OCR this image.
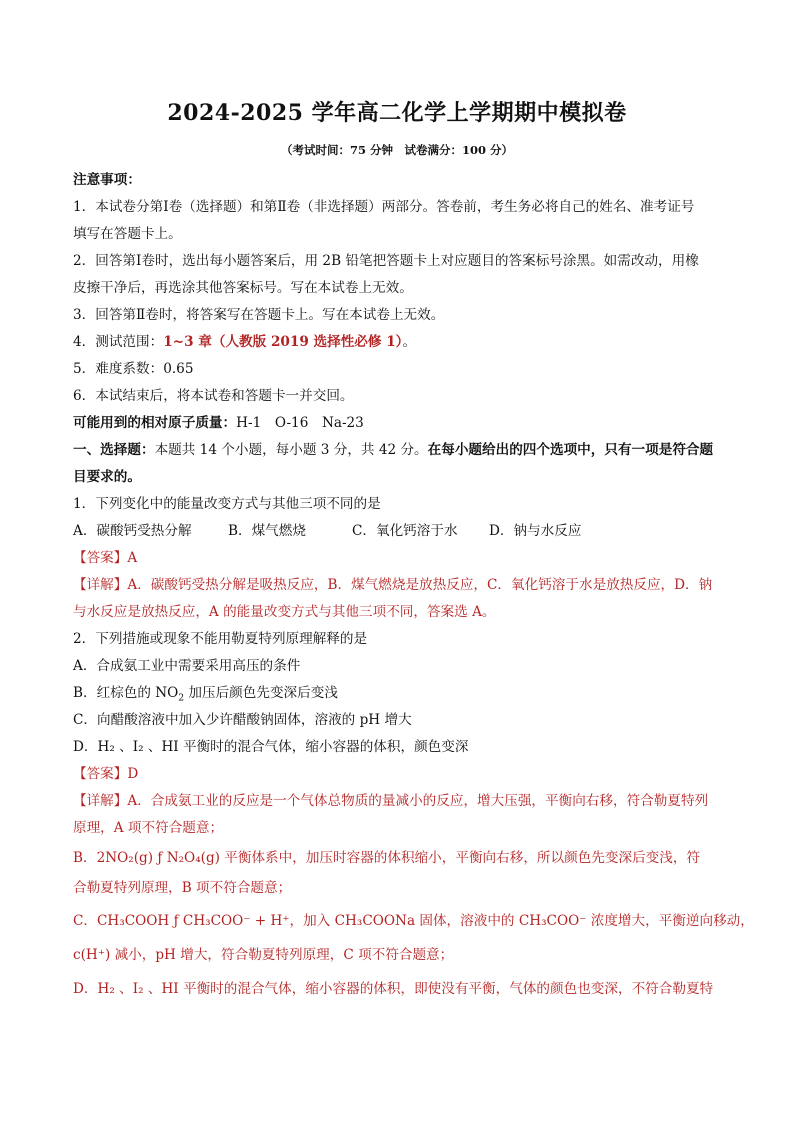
2024-2025 学年高二化学上学期期中模拟卷
（考试时间：75 分钟　试卷满分：100 分）
注意事项：
1．本试卷分第Ⅰ卷（选择题）和第Ⅱ卷（非选择题）两部分。答卷前，考生务必将自己的姓名、准考证号
填写在答题卡上。
2．回答第Ⅰ卷时，选出每小题答案后，用 2B 铅笔把答题卡上对应题目的答案标号涂黑。如需改动，用橡
皮擦干净后，再选涂其他答案标号。写在本试卷上无效。
3．回答第Ⅱ卷时，将答案写在答题卡上。写在本试卷上无效。
4．测试范围：1~3 章（人教版 2019 选择性必修 1）。
5．难度系数：0.65
6．本试结束后，将本试卷和答题卡一并交回。
可能用到的相对原子质量：H-1　O-16　Na-23
一、选择题：本题共 14 个小题，每小题 3 分，共 42 分。在每小题给出的四个选项中，只有一项是符合题
目要求的。
1．下列变化中的能量改变方式与其他三项不同的是
A．碳酸钙受热分解	B．煤气燃烧	C．氧化钙溶于水 D．钠与水反应
【答案】A
【详解】A．碳酸钙受热分解是吸热反应，B．煤气燃烧是放热反应，C．氧化钙溶于水是放热反应，D．钠
与水反应是放热反应，A 的能量改变方式与其他三项不同，答案选 A。
2．下列措施或现象不能用勒夏特列原理解释的是
A．合成氨工业中需要采用高压的条件
B．红棕色的 $NO_2$ 加压后颜色先变深后变浅
C．向醋酸溶液中加入少许醋酸钠固体，溶液的 pH 增大
D．H₂ 、I₂ 、HI 平衡时的混合气体，缩小容器的体积，颜色变深
【答案】D
【详解】A．合成氨工业的反应是一个气体总物质的量减小的反应，增大压强，平衡向右移，符合勒夏特列
原理，A 项不符合题意；
B．2NO₂(g) ƒ N₂O₄(g) 平衡体系中，加压时容器的体积缩小，平衡向右移，所以颜色先变深后变浅，符
合勒夏特列原理，B 项不符合题意；
C．CH₃COOH ƒ CH₃COO⁻ + H⁺，加入 CH₃COONa 固体，溶液中的 CH₃COO⁻ 浓度增大，平衡逆向移动，
c(H⁺) 减小，pH 增大，符合勒夏特列原理，C 项不符合题意；
D．H₂ 、I₂ 、HI 平衡时的混合气体，缩小容器的体积，即使没有平衡，气体的颜色也变深，不符合勒夏特
